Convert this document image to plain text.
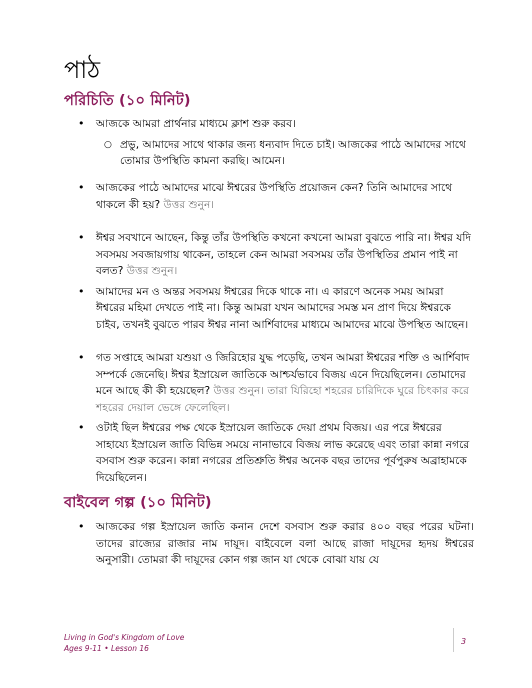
পাঠ
পরিচিতি (১০ মিনিট)
• আজকে আমরা প্রার্থনার মাধ্যমে ক্লাশ শুরু করব।
○ প্রভু, আমাদের সাথে থাকার জন্য ধন্যবাদ দিতে চাই। আজকের পাঠে আমাদের সাথে তোমার উপস্থিতি কামনা করছি। আমেন।
• আজকের পাঠে আমাদের মাঝে ঈশ্বরের উপস্থিতি প্রয়োজন কেন? তিনি আমাদের সাথে থাকলে কী হয়? উত্তর শুনুন।
• ঈশ্বর সবখানে আছেন, কিন্তু তাঁর উপস্থিতি কখনো কখনো আমরা বুঝতে পারি না। ঈশ্বর যদি সবসময় সবজায়গায় থাকেন, তাহলে কেন আমরা সবসময় তাঁর উপস্থিতির প্রমান পাই না বলত? উত্তর শুনুন।
• আমাদের মন ও অন্তর সবসময় ঈশ্বরের দিকে থাকে না। এ কারণে অনেক সময় আমরা ঈশ্বরের মহিমা দেখতে পাই না। কিন্তু আমরা যখন আমাদের সমস্ত মন প্রাণ দিয়ে ঈশ্বরকে চাইব, তখনই বুঝতে পারব ঈশ্বর নানা আর্শিবাদের মাধ্যমে আমাদের মাঝে উপস্থিত আছেন।
• গত সপ্তাহে আমরা যশুয়া ও জিরিহোর যুদ্ধ পড়েছি, তখন আমরা ঈশ্বরের শক্তি ও আর্শিবাদ সম্পর্কে জেনেছি। ঈশ্বর ইস্রায়েল জাতিকে আশ্চর্যভাবে বিজয় এনে দিয়েছিলেন। তোমাদের মনে আছে কী কী হয়েছেল? উত্তর শুনুন। তারা যিরিহো শহরের চারিদিকে ঘুরে চিৎকার করে শহরের দেয়াল ভেঙ্গে ফেলেছিল।
• ওটাই ছিল ঈশ্বরের পক্ষ থেকে ইস্রায়েল জাতিকে দেয়া প্রথম বিজয়। এর পরে ঈশ্বরের সাহায্যে ইস্রায়েল জাতি বিভিন্ন সময়ে নানাভাবে বিজয় লাভ করেছে এবং তারা কান্না নগরে বসবাস শুরু করেন। কান্না নগরের প্রতিশ্রুতি ঈশ্বর অনেক বছর তাদের পূর্বপুরুষ অব্রাহামকে দিয়েছিলেন।
বাইবেল গল্প (১০ মিনিট)
• আজকের গল্প ইস্রায়েল জাতি কনান দেশে বসবাস শুরু করার ৪০০ বছর পরের ঘটনা। তাদের রাজ্যের রাজার নাম দায়ূদ। বাইবেলে বলা আছে রাজা দায়ূদের হৃদয় ঈশ্বরের অনুসারী। তোমরা কী দায়ূদের কোন গল্প জান যা থেকে বোঝা যায় যে
Living in God's Kingdom of Love
Ages 9-11 • Lesson 16
3
